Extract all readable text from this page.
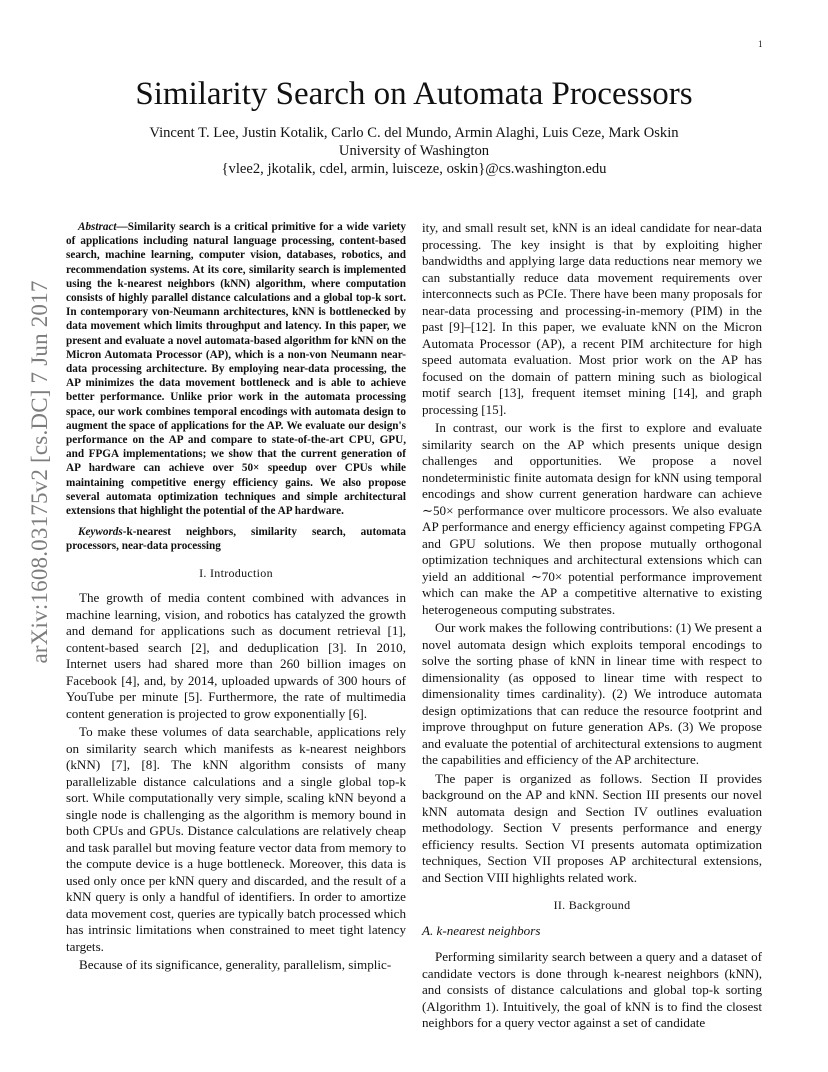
1
arXiv:1608.03175v2 [cs.DC] 7 Jun 2017
Similarity Search on Automata Processors
Vincent T. Lee, Justin Kotalik, Carlo C. del Mundo, Armin Alaghi, Luis Ceze, Mark Oskin
University of Washington
{vlee2, jkotalik, cdel, armin, luisceze, oskin}@cs.washington.edu

Abstract—Similarity search is a critical primitive for a wide variety of applications including natural language processing, content-based search, machine learning, computer vision, databases, robotics, and recommendation systems. At its core, similarity search is implemented using the k-nearest neighbors (kNN) algorithm, where computation consists of highly parallel distance calculations and a global top-k sort. In contemporary von-Neumann architectures, kNN is bottlenecked by data movement which limits throughput and latency. In this paper, we present and evaluate a novel automata-based algorithm for kNN on the Micron Automata Processor (AP), which is a non-von Neumann near-data processing architecture. By employing near-data processing, the AP minimizes the data movement bottleneck and is able to achieve better performance. Unlike prior work in the automata processing space, our work combines temporal encodings with automata design to augment the space of applications for the AP. We evaluate our design's performance on the AP and compare to state-of-the-art CPU, GPU, and FPGA implementations; we show that the current generation of AP hardware can achieve over 50× speedup over CPUs while maintaining competitive energy efficiency gains. We also propose several automata optimization techniques and simple architectural extensions that highlight the potential of the AP hardware.

Keywords-k-nearest neighbors, similarity search, automata processors, near-data processing

I. Introduction

The growth of media content combined with advances in machine learning, vision, and robotics has catalyzed the growth and demand for applications such as document retrieval [1], content-based search [2], and deduplication [3]. In 2010, Internet users had shared more than 260 billion images on Facebook [4], and, by 2014, uploaded upwards of 300 hours of YouTube per minute [5]. Furthermore, the rate of multimedia content generation is projected to grow exponentially [6].

To make these volumes of data searchable, applications rely on similarity search which manifests as k-nearest neighbors (kNN) [7], [8]. The kNN algorithm consists of many parallelizable distance calculations and a single global top-k sort. While computationally very simple, scaling kNN beyond a single node is challenging as the algorithm is memory bound in both CPUs and GPUs. Distance calculations are relatively cheap and task parallel but moving feature vector data from memory to the compute device is a huge bottleneck. Moreover, this data is used only once per kNN query and discarded, and the result of a kNN query is only a handful of identifiers. In order to amortize data movement cost, queries are typically batch processed which has intrinsic limitations when constrained to meet tight latency targets.

Because of its significance, generality, parallelism, simplic-

ity, and small result set, kNN is an ideal candidate for near-data processing. The key insight is that by exploiting higher bandwidths and applying large data reductions near memory we can substantially reduce data movement requirements over interconnects such as PCIe. There have been many proposals for near-data processing and processing-in-memory (PIM) in the past [9]–[12]. In this paper, we evaluate kNN on the Micron Automata Processor (AP), a recent PIM architecture for high speed automata evaluation. Most prior work on the AP has focused on the domain of pattern mining such as biological motif search [13], frequent itemset mining [14], and graph processing [15].

In contrast, our work is the first to explore and evaluate similarity search on the AP which presents unique design challenges and opportunities. We propose a novel nondeterministic finite automata design for kNN using temporal encodings and show current generation hardware can achieve ∼50× performance over multicore processors. We also evaluate AP performance and energy efficiency against competing FPGA and GPU solutions. We then propose mutually orthogonal optimization techniques and architectural extensions which can yield an additional ∼70× potential performance improvement which can make the AP a competitive alternative to existing heterogeneous computing substrates.

Our work makes the following contributions: (1) We present a novel automata design which exploits temporal encodings to solve the sorting phase of kNN in linear time with respect to dimensionality (as opposed to linear time with respect to dimensionality times cardinality). (2) We introduce automata design optimizations that can reduce the resource footprint and improve throughput on future generation APs. (3) We propose and evaluate the potential of architectural extensions to augment the capabilities and efficiency of the AP architecture.

The paper is organized as follows. Section II provides background on the AP and kNN. Section III presents our novel kNN automata design and Section IV outlines evaluation methodology. Section V presents performance and energy efficiency results. Section VI presents automata optimization techniques, Section VII proposes AP architectural extensions, and Section VIII highlights related work.

II. Background
A. k-nearest neighbors

Performing similarity search between a query and a dataset of candidate vectors is done through k-nearest neighbors (kNN), and consists of distance calculations and global top-k sorting (Algorithm 1). Intuitively, the goal of kNN is to find the closest neighbors for a query vector against a set of candidate
